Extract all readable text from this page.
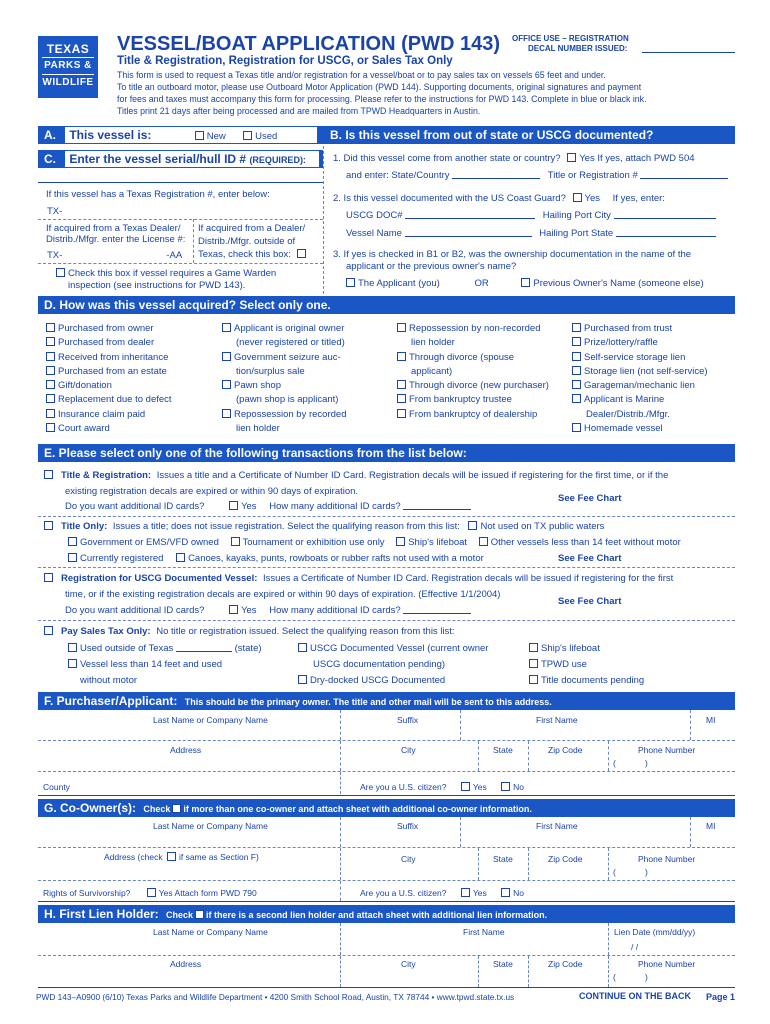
TEXAS
PARKS &
WILDLIFE
VESSEL/BOAT APPLICATION (PWD 143)
Title & Registration, Registration for USCG, or Sales Tax Only
OFFICE USE – REGISTRATION
DECAL NUMBER ISSUED:
This form is used to request a Texas title and/or registration for a vessel/boat or to pay sales tax on vessels 65 feet and under.
To title an outboard motor, please use Outboard Motor Application (PWD 144). Supporting documents, original signatures and payment
for fees and taxes must accompany this form for processing. Please refer to the instructions for PWD 143. Complete in blue or black ink.
Titles print 21 days after being processed and are mailed from TPWD Headquarters in Austin.
A. This vessel is:	New	Used	B. Is this vessel from out of state or USCG documented?
C. Enter the vessel serial/hull ID # (REQUIRED):	1. Did this vessel come from another state or country? Yes If yes, attach PWD 504
and enter: State/Country	Title or Registration #
2. Is this vessel documented with the US Coast Guard? Yes If yes, enter:
USCG DOC#	Hailing Port City
Vessel Name	Hailing Port State
3. If yes is checked in B1 or B2, was the ownership documentation in the name of the
applicant or the previous owner's name?
The Applicant (you)	OR	Previous Owner's Name (someone else)
If this vessel has a Texas Registration #, enter below:
TX-
If acquired from a Texas Dealer/
Distrib./Mfgr. enter the License #:
TX-	-AA
If acquired from a Dealer/
Distrib./Mfgr. outside of
Texas, check this box:
Check this box if vessel requires a Game Warden
inspection (see instructions for PWD 143).
D. How was this vessel acquired? Select only one.
Purchased from owner
Purchased from dealer
Received from inheritance
Purchased from an estate
Gift/donation
Replacement due to defect
Insurance claim paid
Court award
Applicant is original owner
(never registered or titled)
Government seizure auc-
tion/surplus sale
Pawn shop
(pawn shop is applicant)
Repossession by recorded
lien holder
Repossession by non-recorded
lien holder
Through divorce (spouse
applicant)
Through divorce (new purchaser)
From bankruptcy trustee
From bankruptcy of dealership
Purchased from trust
Prize/lottery/raffle
Self-service storage lien
Storage lien (not self-service)
Garageman/mechanic lien
Applicant is Marine
Dealer/Distrib./Mfgr.
Homemade vessel
E. Please select only one of the following transactions from the list below:
Title & Registration: Issues a title and a Certificate of Number ID Card. Registration decals will be issued if registering for the first time, or if the
existing registration decals are expired or within 90 days of expiration.
Do you want additional ID cards?	Yes How many additional ID cards?
See Fee Chart
Title Only: Issues a title; does not issue registration. Select the qualifying reason from this list: Not used on TX public waters
Government or EMS/VFD owned Tournament or exhibition use only Ship's lifeboat Other vessels less than 14 feet without motor
Currently registered	Canoes, kayaks, punts, rowboats or rubber rafts not used with a motor	See Fee Chart
Registration for USCG Documented Vessel: Issues a Certificate of Number ID Card. Registration decals will be issued if registering for the first
time, or if the existing registration decals are expired or within 90 days of expiration. (Effective 1/1/2004)
Do you want additional ID cards?	Yes How many additional ID cards?
See Fee Chart
Pay Sales Tax Only: No title or registration issued. Select the qualifying reason from this list:
Used outside of Texas	(state)	USCG Documented Vessel (current owner
USCG documentation pending)
Ship's lifeboat
Vessel less than 14 feet and used
without motor	Dry-docked USCG Documented
TPWD use
Title documents pending
F. Purchaser/Applicant: This should be the primary owner. The title and other mail will be sent to this address.
Last Name or Company Name	Suffix	First Name	MI
Address	City	State	Zip Code	Phone Number
(	)
County	Are you a U.S. citizen?	Yes	No
G. Co-Owner(s): Check if more than one co-owner and attach sheet with additional co-owner information.
Last Name or Company Name	Suffix	First Name	MI
Address (check if same as Section F)	City	State	Zip Code	Phone Number
(	)
Rights of Survivorship?	Yes Attach form PWD 790	Are you a U.S. citizen?	Yes	No
H. First Lien Holder: Check if there is a second lien holder and attach sheet with additional lien information.
Last Name or Company Name	First Name	Lien Date (mm/dd/yy)
/ /
Address	City	State	Zip Code	Phone Number
(	)
PWD 143–A0900 (6/10) Texas Parks and Wildlife Department • 4200 Smith School Road, Austin, TX 78744 • www.tpwd.state.tx.us	CONTINUE ON THE BACK Page 1
